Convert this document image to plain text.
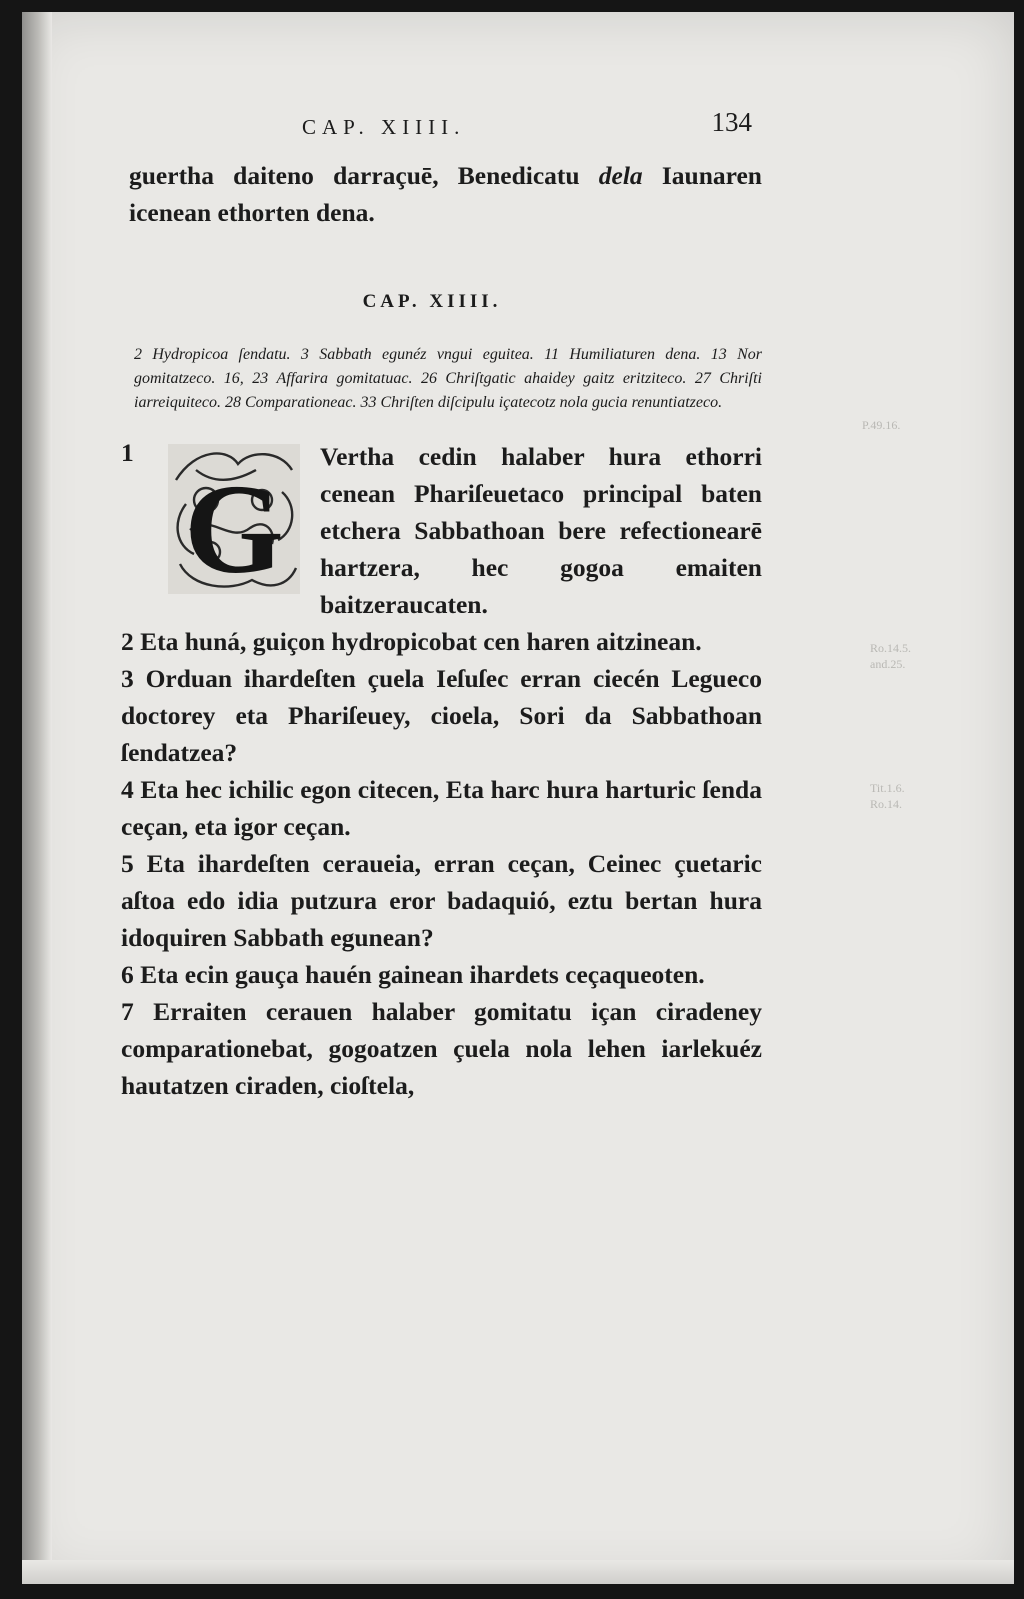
P.49.16.
Ro.14.5.
and.25.
Tit.1.6.
Ro.14.
CAP. XIIII.	134

guertha daiteno darraçuē, Benedicatu dela Iaunaren icenean ethorten dena.

CAP. XIIII.

2 Hydropicoa ſendatu. 3 Sabbath egunéz vngui eguitea. 11 Humiliaturen dena. 13 Nor gomitatzeco. 16, 23 Affarira gomitatuac. 26 Chriſtgatic ahaidey gaitz eritziteco. 27 Chriſti iarreiquiteco. 28 Comparationeac. 33 Chriſten diſcipulu içatecotz nola gucia renuntiatzeco.

1
G
Vertha cedin halaber hura ethorri cenean Phariſeuetaco principal baten etchera Sabbathoan bere refectionearē hartzera, hec gogoa emaiten baitzeraucaten.

2 Eta huná, guiçon hydropicobat cen haren aitzinean.

3 Orduan ihardeſten çuela Ieſuſec erran ciecén Legueco doctorey eta Phariſeuey, cioela, Sori da Sabbathoan ſendatzea?

4 Eta hec ichilic egon citecen, Eta harc hura harturic ſenda ceçan, eta igor ceçan.

5 Eta ihardeſten ceraueia, erran ceçan, Ceinec çuetaric aſtoa edo idia putzura eror badaquió, eztu bertan hura idoquiren Sabbath egunean?

6 Eta ecin gauça hauén gainean ihardets ceçaqueoten.

7 Erraiten cerauen halaber gomitatu içan ciradeney comparationebat, gogoatzen çuela nola lehen iarlekuéz hautatzen ciraden, cioſtela,
